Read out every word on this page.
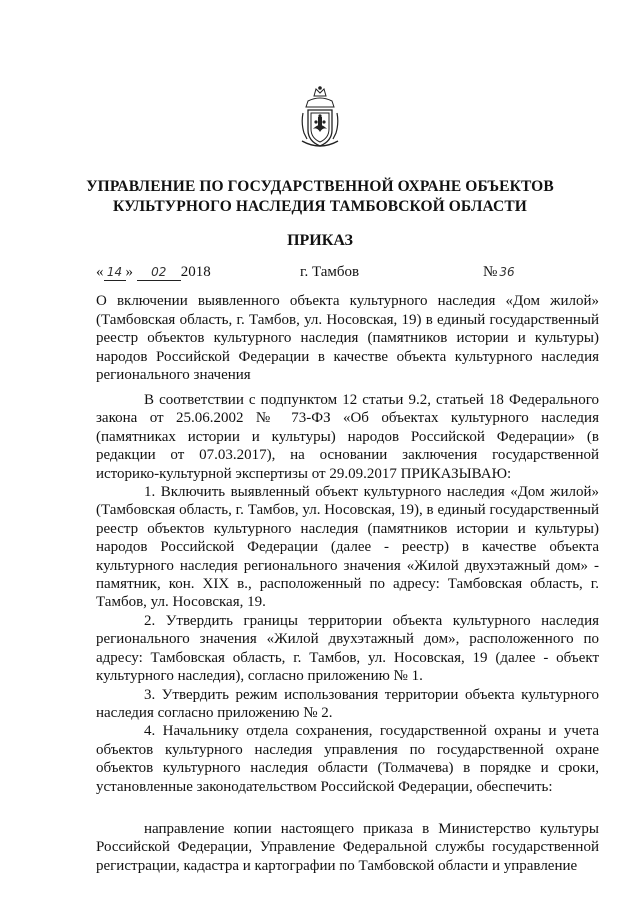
УПРАВЛЕНИЕ ПО ГОСУДАРСТВЕННОЙ ОХРАНЕ ОБЪЕКТОВ
КУЛЬТУРНОГО НАСЛЕДИЯ ТАМБОВСКОЙ ОБЛАСТИ
ПРИКАЗ
« 14 » 02 2018	г. Тамбов	№ 36
О включении выявленного объекта культурного наследия «Дом жилой» (Тамбовская область, г. Тамбов, ул. Носовская, 19) в единый государственный реестр объектов культурного наследия (памятников истории и культуры) народов Российской Федерации в качестве объекта культурного наследия регионального значения

В соответствии с подпунктом 12 статьи 9.2, статьей 18 Федерального закона от 25.06.2002 № 73-ФЗ «Об объектах культурного наследия (памятниках истории и культуры) народов Российской Федерации» (в редакции от 07.03.2017), на основании заключения государственной историко-культурной экспертизы от 29.09.2017 ПРИКАЗЫВАЮ:

1. Включить выявленный объект культурного наследия «Дом жилой» (Тамбовская область, г. Тамбов, ул. Носовская, 19), в единый государственный реестр объектов культурного наследия (памятников истории и культуры) народов Российской Федерации (далее - реестр) в качестве объекта культурного наследия регионального значения «Жилой двухэтажный дом» - памятник, кон. XIX в., расположенный по адресу: Тамбовская область, г. Тамбов, ул. Носовская, 19.

2. Утвердить границы территории объекта культурного наследия регионального значения «Жилой двухэтажный дом», расположенного по адресу: Тамбовская область, г. Тамбов, ул. Носовская, 19 (далее - объект культурного наследия), согласно приложению № 1.

3. Утвердить режим использования территории объекта культурного наследия согласно приложению № 2.

4. Начальнику отдела сохранения, государственной охраны и учета объектов культурного наследия управления по государственной охране объектов культурного наследия области (Толмачева) в порядке и сроки, установленные законодательством Российской Федерации, обеспечить:

направление копии настоящего приказа в Министерство культуры Российской Федерации, Управление Федеральной службы государственной регистрации, кадастра и картографии по Тамбовской области и управление
